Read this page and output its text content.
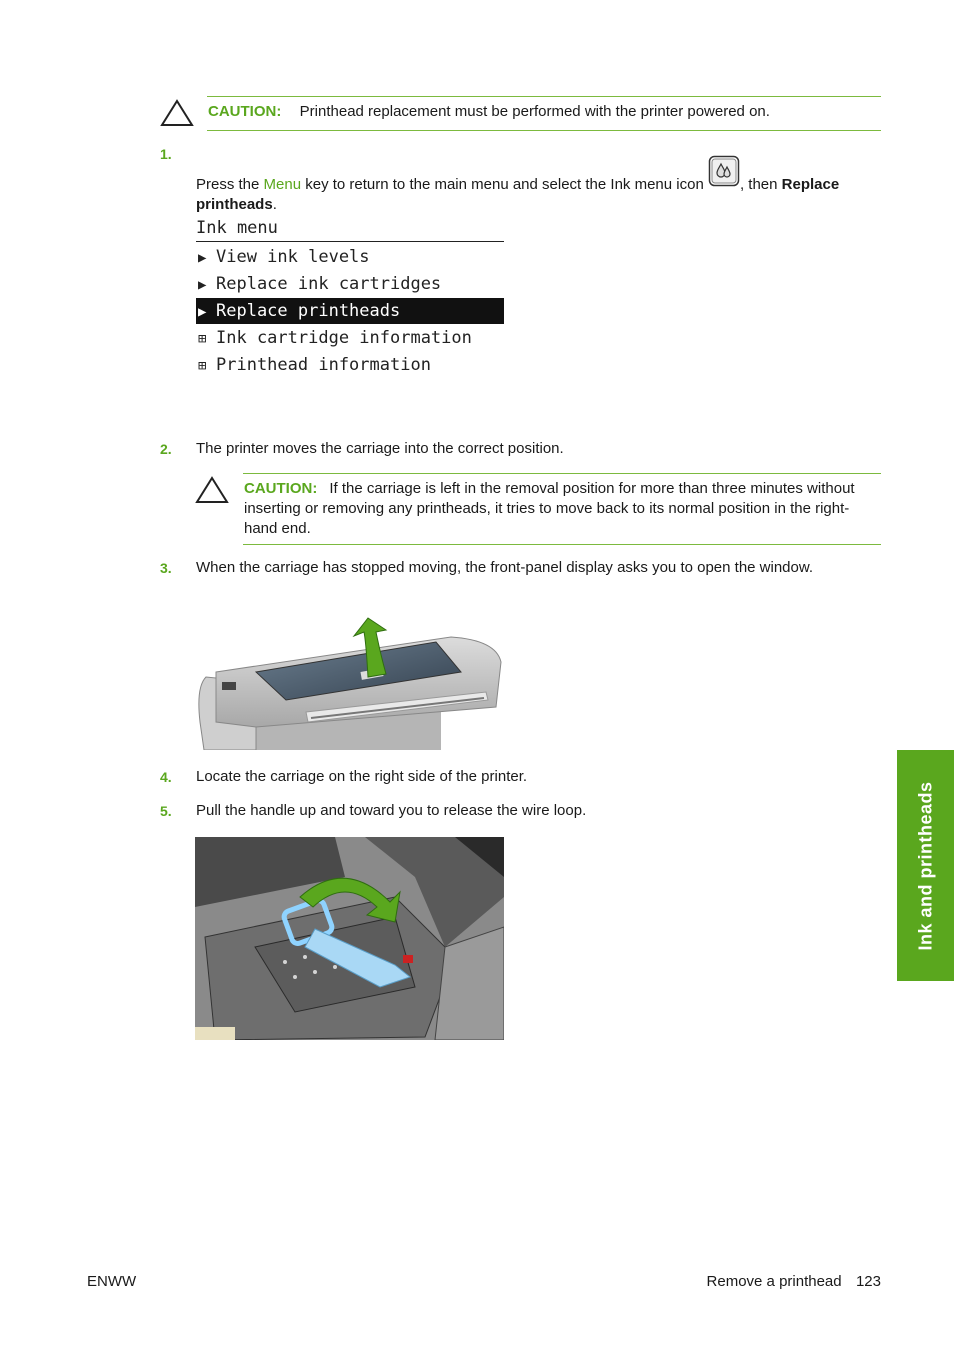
CAUTION: Printhead replacement must be performed with the printer powered on.
1.
Press the Menu key to return to the main menu and select the Ink menu icon , then Replace
printheads.
Ink menu
▶ View ink levels
▶ Replace ink cartridges
▶ Replace printheads
⊞ Ink cartridge information
⊞ Printhead information
2. The printer moves the carriage into the correct position.
CAUTION: If the carriage is left in the removal position for more than three minutes without
inserting or removing any printheads, it tries to move back to its normal position in the right-
hand end.
3. When the carriage has stopped moving, the front-panel display asks you to open the window.
4. Locate the carriage on the right side of the printer.
5. Pull the handle up and toward you to release the wire loop.	Ink and printheads
ENWW	Remove a printhead 123
